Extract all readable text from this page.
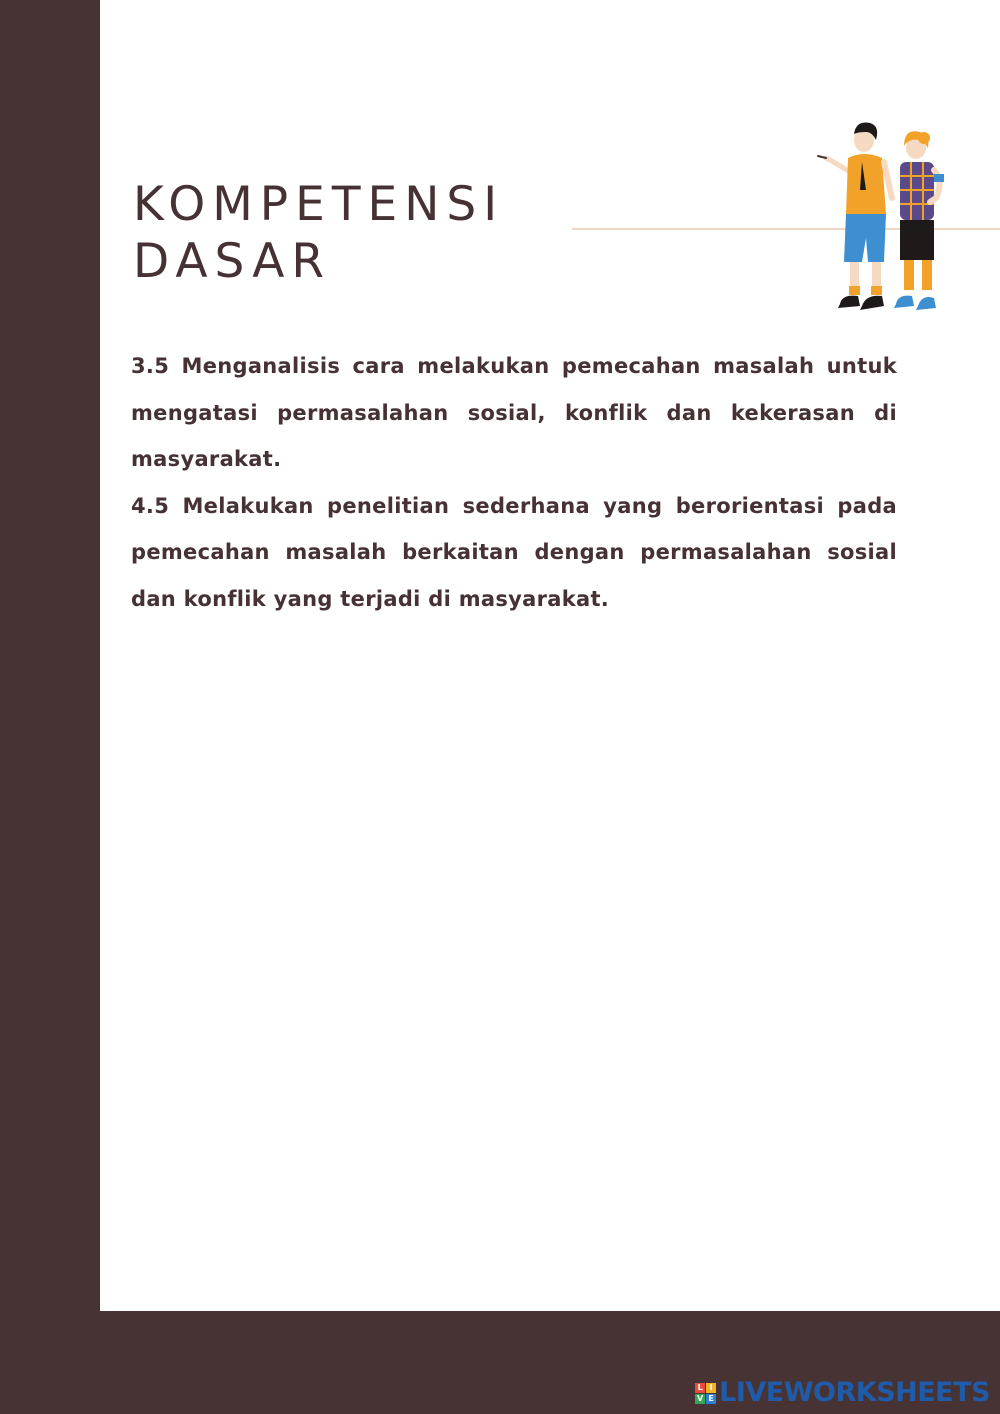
KOMPETENSI
DASAR

3.5 Menganalisis cara melakukan pemecahan masalah untuk mengatasi permasalahan sosial, konflik dan kekerasan di masyarakat.

4.5 Melakukan penelitian sederhana yang berorientasi pada pemecahan masalah berkaitan dengan permasalahan sosial dan konflik yang terjadi di masyarakat.

L I
V E LIVEWORKSHEETS
